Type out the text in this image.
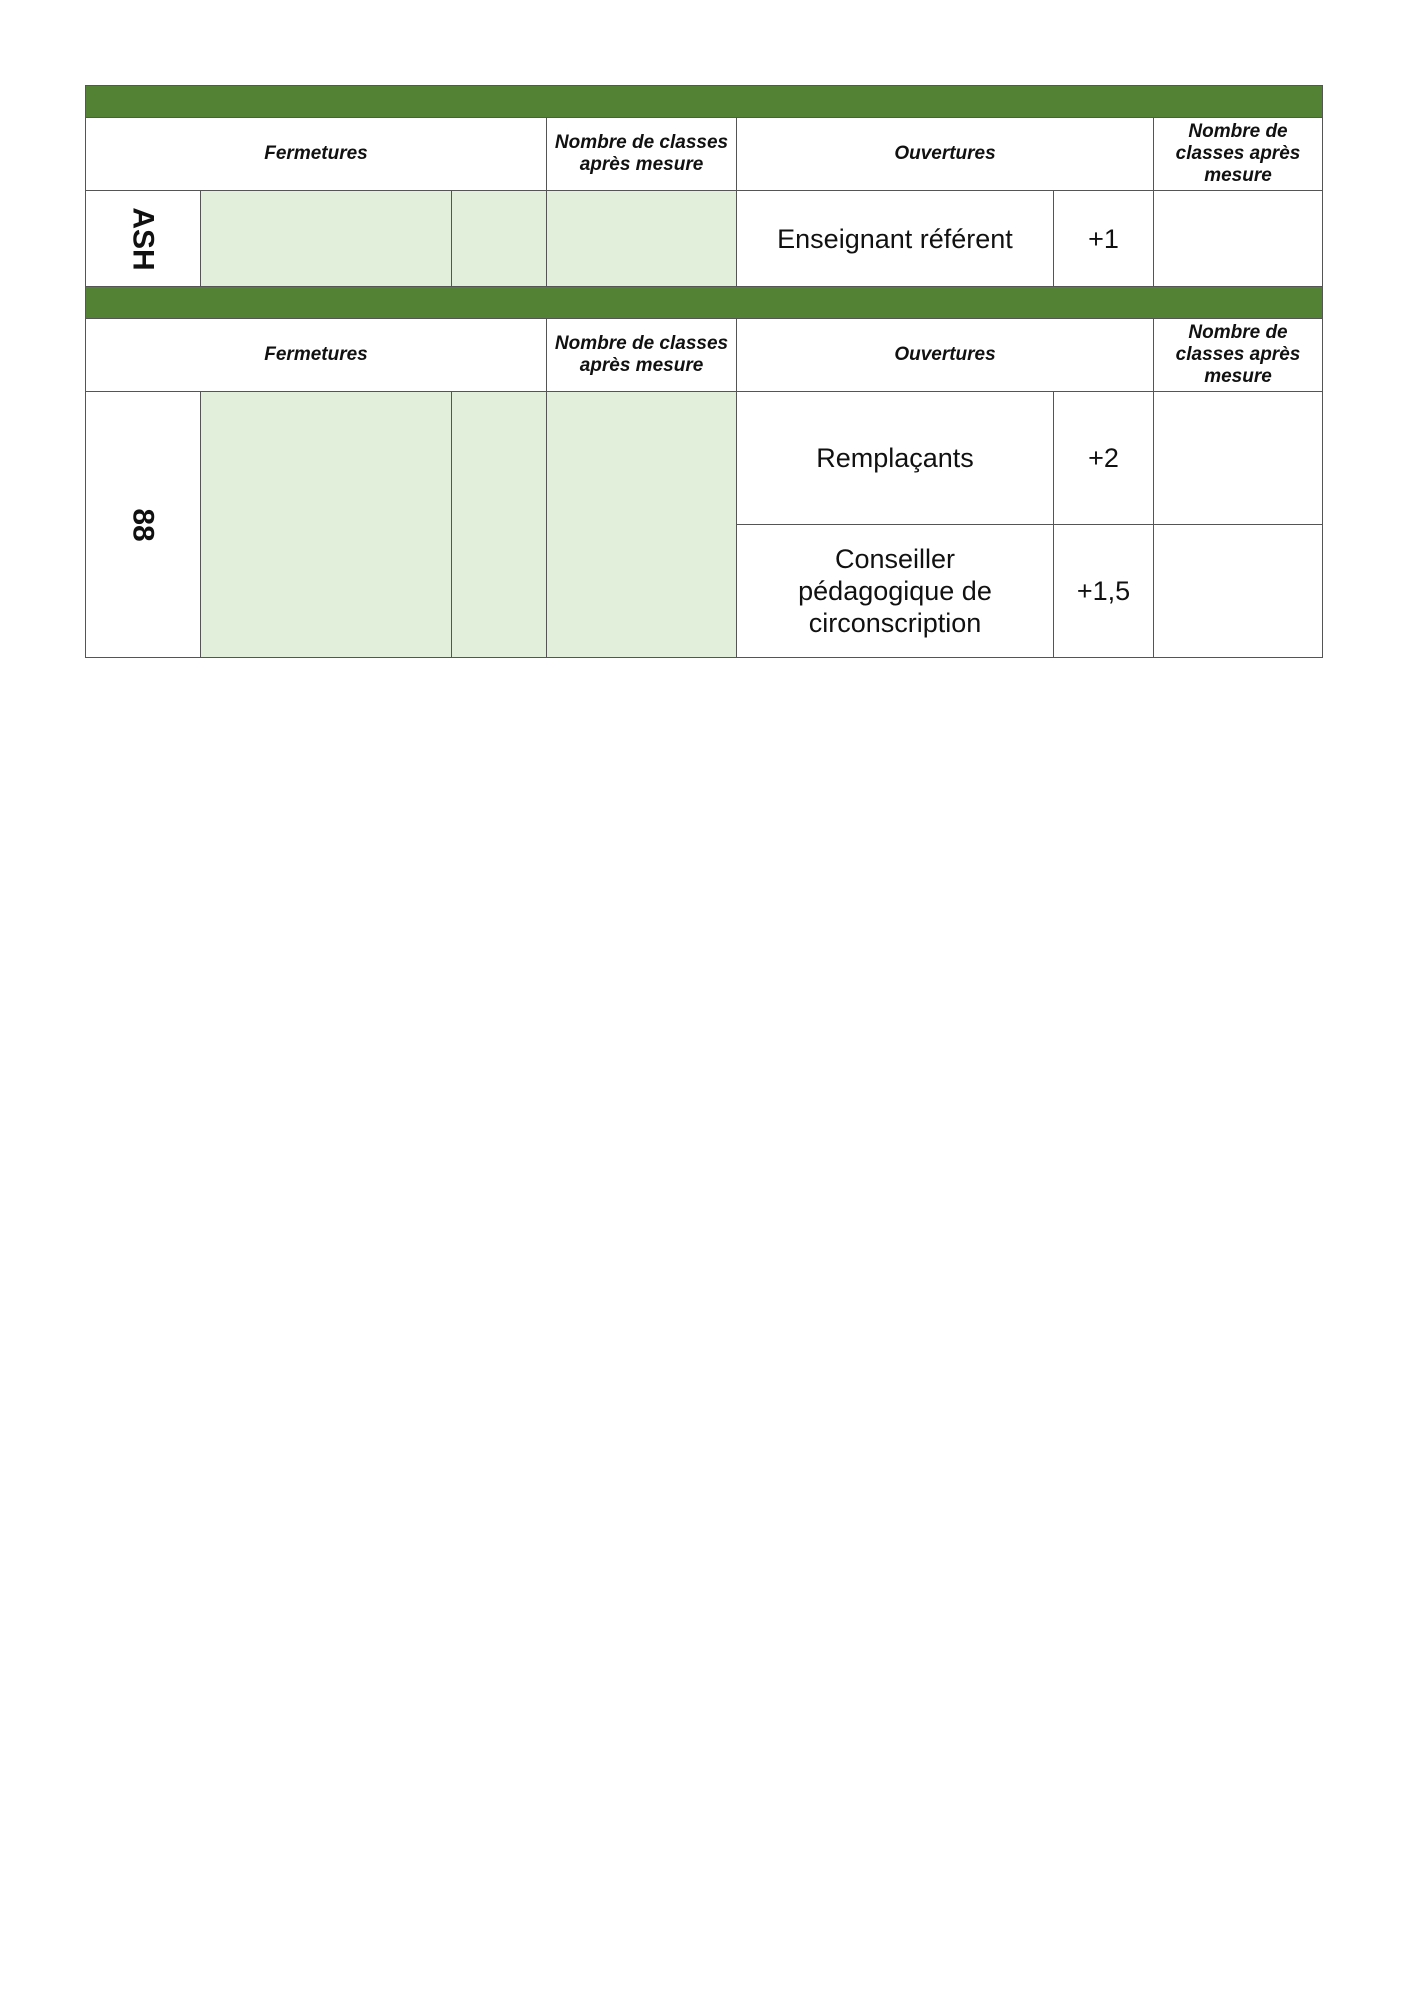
Fermetures			Nombre de classes après mesure	Ouvertures		Nombre de classes après mesure
ASH				Enseignant référent	+1	

Fermetures			Nombre de classes après mesure	Ouvertures		Nombre de classes après mesure
88				Remplaçants	+2	
				Conseiller pédagogique de circonscription	+1,5	
